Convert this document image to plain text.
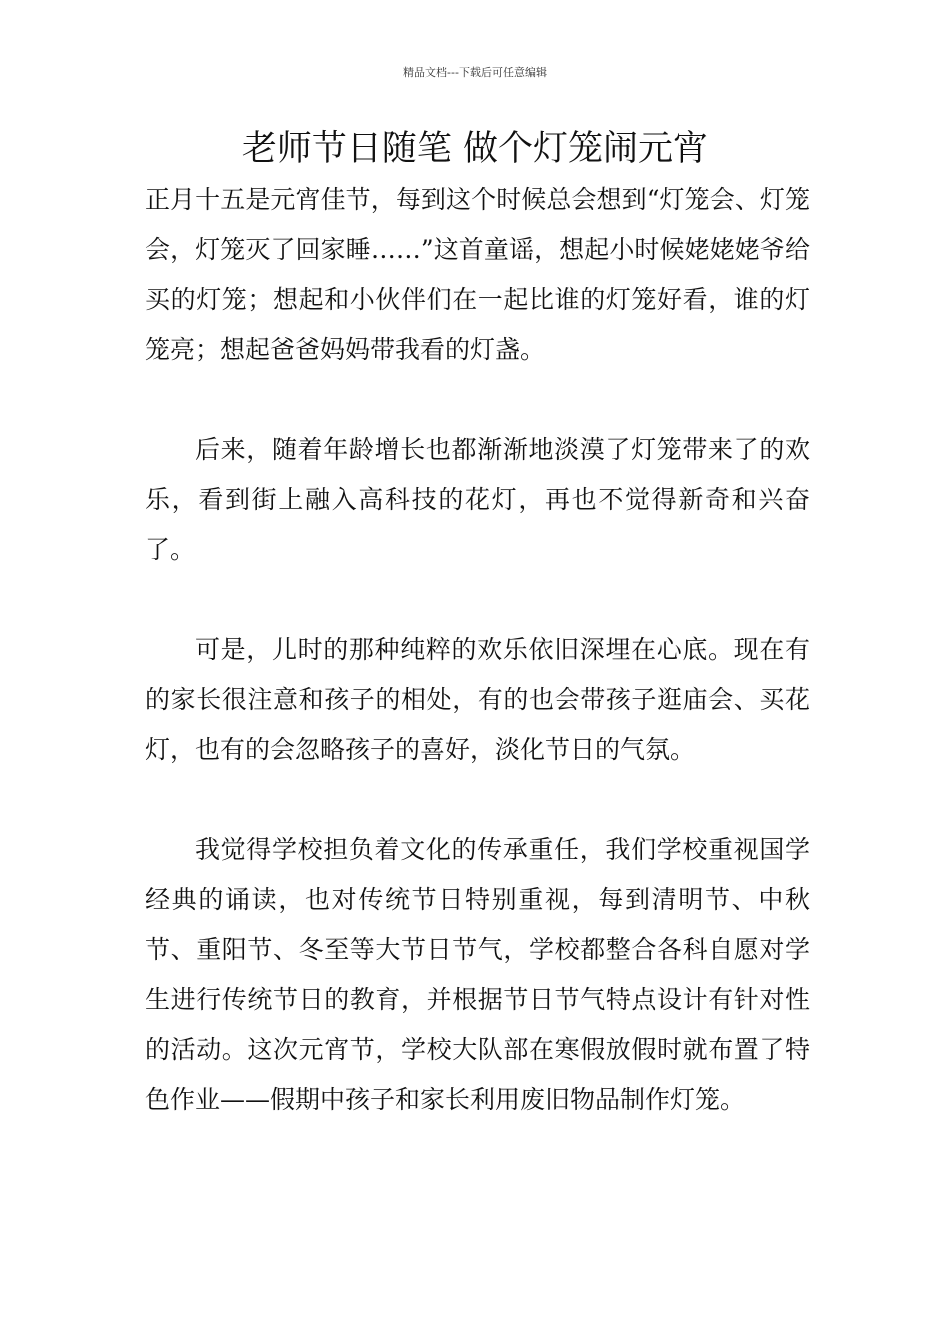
精品文档---下载后可任意编辑
老师节日随笔 做个灯笼闹元宵

正月十五是元宵佳节，每到这个时候总会想到“灯笼会、灯笼会，灯笼灭了回家睡……”这首童谣，想起小时候姥姥姥爷给买的灯笼；想起和小伙伴们在一起比谁的灯笼好看，谁的灯笼亮；想起爸爸妈妈带我看的灯盏。

后来，随着年龄增长也都渐渐地淡漠了灯笼带来了的欢乐，看到街上融入高科技的花灯，再也不觉得新奇和兴奋了。

可是，儿时的那种纯粹的欢乐依旧深埋在心底。现在有的家长很注意和孩子的相处，有的也会带孩子逛庙会、买花灯，也有的会忽略孩子的喜好，淡化节日的气氛。

我觉得学校担负着文化的传承重任，我们学校重视国学经典的诵读，也对传统节日特别重视，每到清明节、中秋节、重阳节、冬至等大节日节气，学校都整合各科自愿对学生进行传统节日的教育，并根据节日节气特点设计有针对性的活动。这次元宵节，学校大队部在寒假放假时就布置了特色作业——假期中孩子和家长利用废旧物品制作灯笼。
